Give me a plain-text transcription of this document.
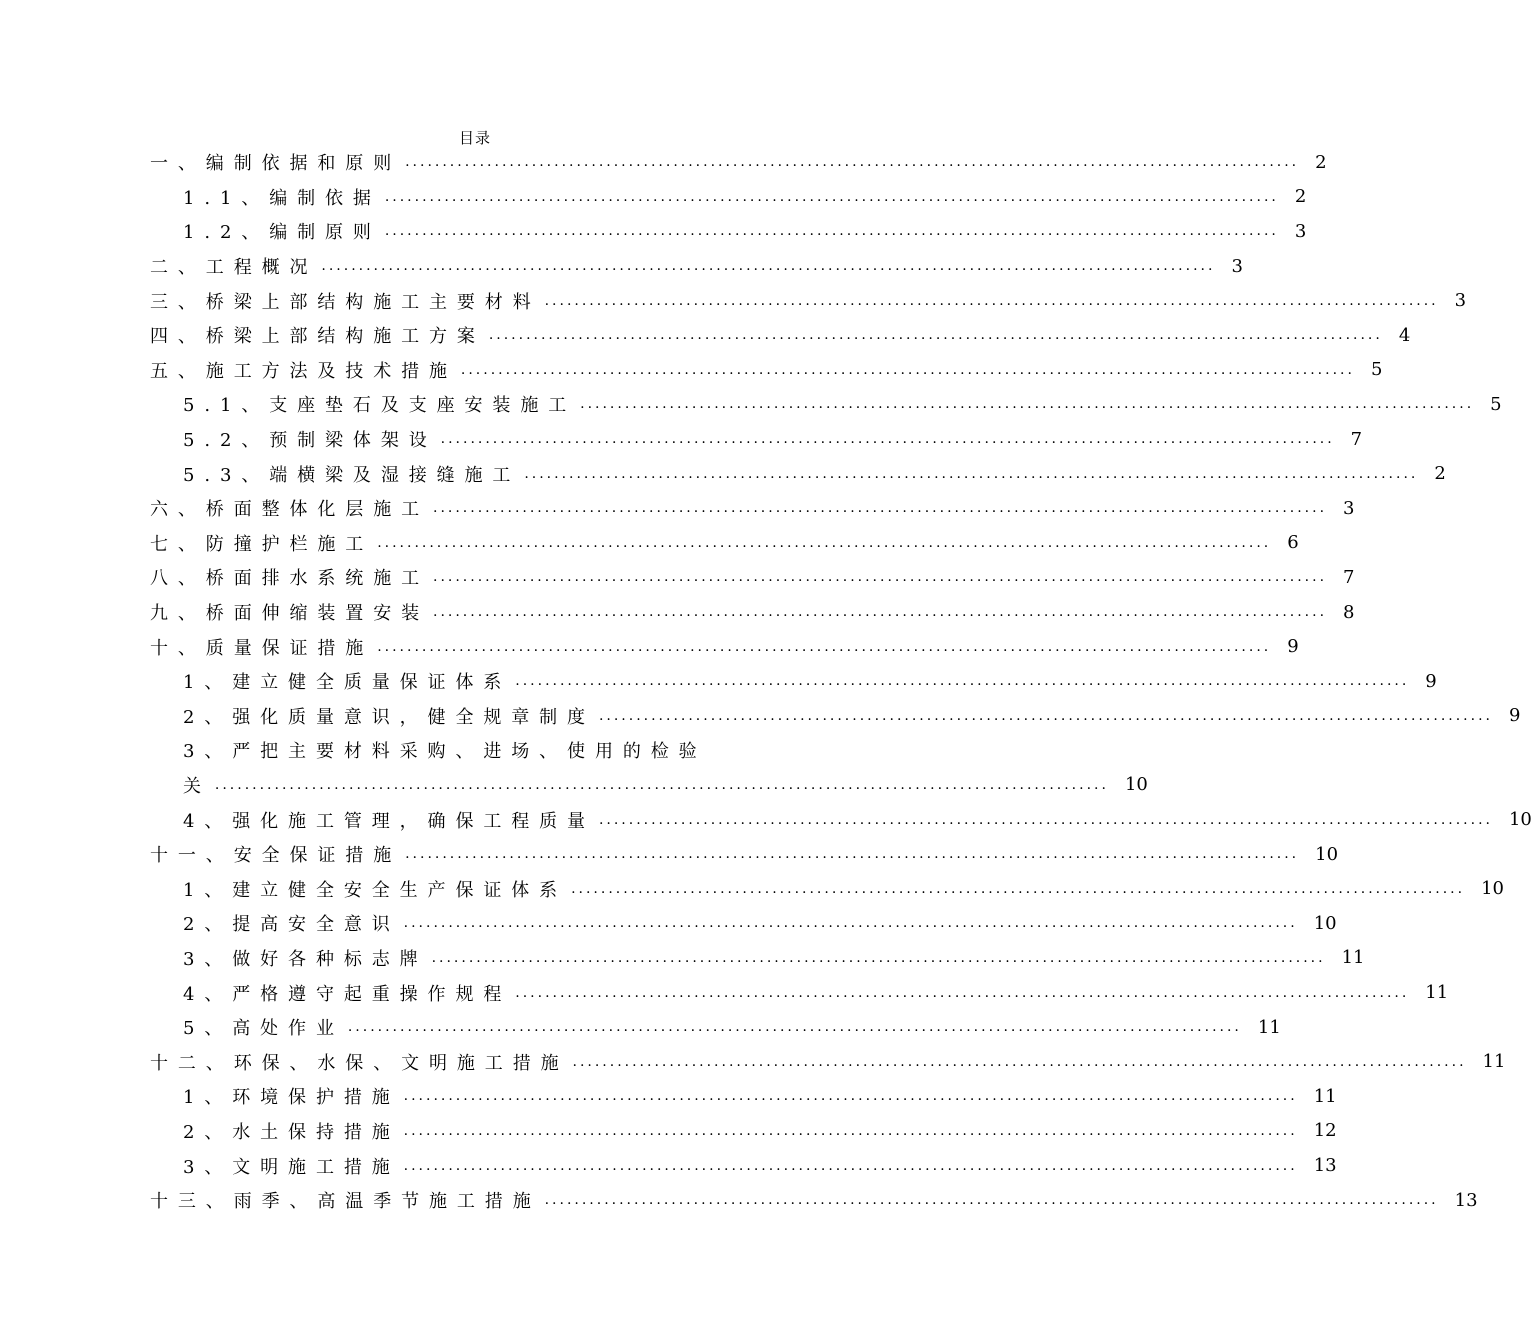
目录
一、编制依据和原则 ........................................................................................................................ 2
1.1、编制依据 ........................................................................................................................ 2
1.2、编制原则 ........................................................................................................................ 3
二、工程概况 ........................................................................................................................ 3
三、桥梁上部结构施工主要材料 ........................................................................................................................ 3
四、桥梁上部结构施工方案 ........................................................................................................................ 4
五、施工方法及技术措施 ........................................................................................................................ 5
5.1、支座垫石及支座安装施工 ........................................................................................................................ 5
5.2、预制梁体架设 ........................................................................................................................ 7
5.3、端横梁及湿接缝施工 ........................................................................................................................ 2
六、桥面整体化层施工 ........................................................................................................................ 3
七、防撞护栏施工 ........................................................................................................................ 6
八、桥面排水系统施工 ........................................................................................................................ 7
九、桥面伸缩装置安装 ........................................................................................................................ 8
十、质量保证措施 ........................................................................................................................ 9
1、建立健全质量保证体系 ........................................................................................................................ 9
2、强化质量意识，健全规章制度 ........................................................................................................................ 9
3、严把主要材料采购、进场、使用的检验
关 ........................................................................................................................ 10
4、强化施工管理，确保工程质量 ........................................................................................................................ 10
十一、安全保证措施 ........................................................................................................................ 10
1、建立健全安全生产保证体系 ........................................................................................................................ 10
2、提高安全意识 ........................................................................................................................ 10
3、做好各种标志牌 ........................................................................................................................ 11
4、严格遵守起重操作规程 ........................................................................................................................ 11
5、高处作业 ........................................................................................................................ 11
十二、环保、水保、文明施工措施 ........................................................................................................................ 11
1、环境保护措施 ........................................................................................................................ 11
2、水土保持措施 ........................................................................................................................ 12
3、文明施工措施 ........................................................................................................................ 13
十三、雨季、高温季节施工措施 ........................................................................................................................ 13
